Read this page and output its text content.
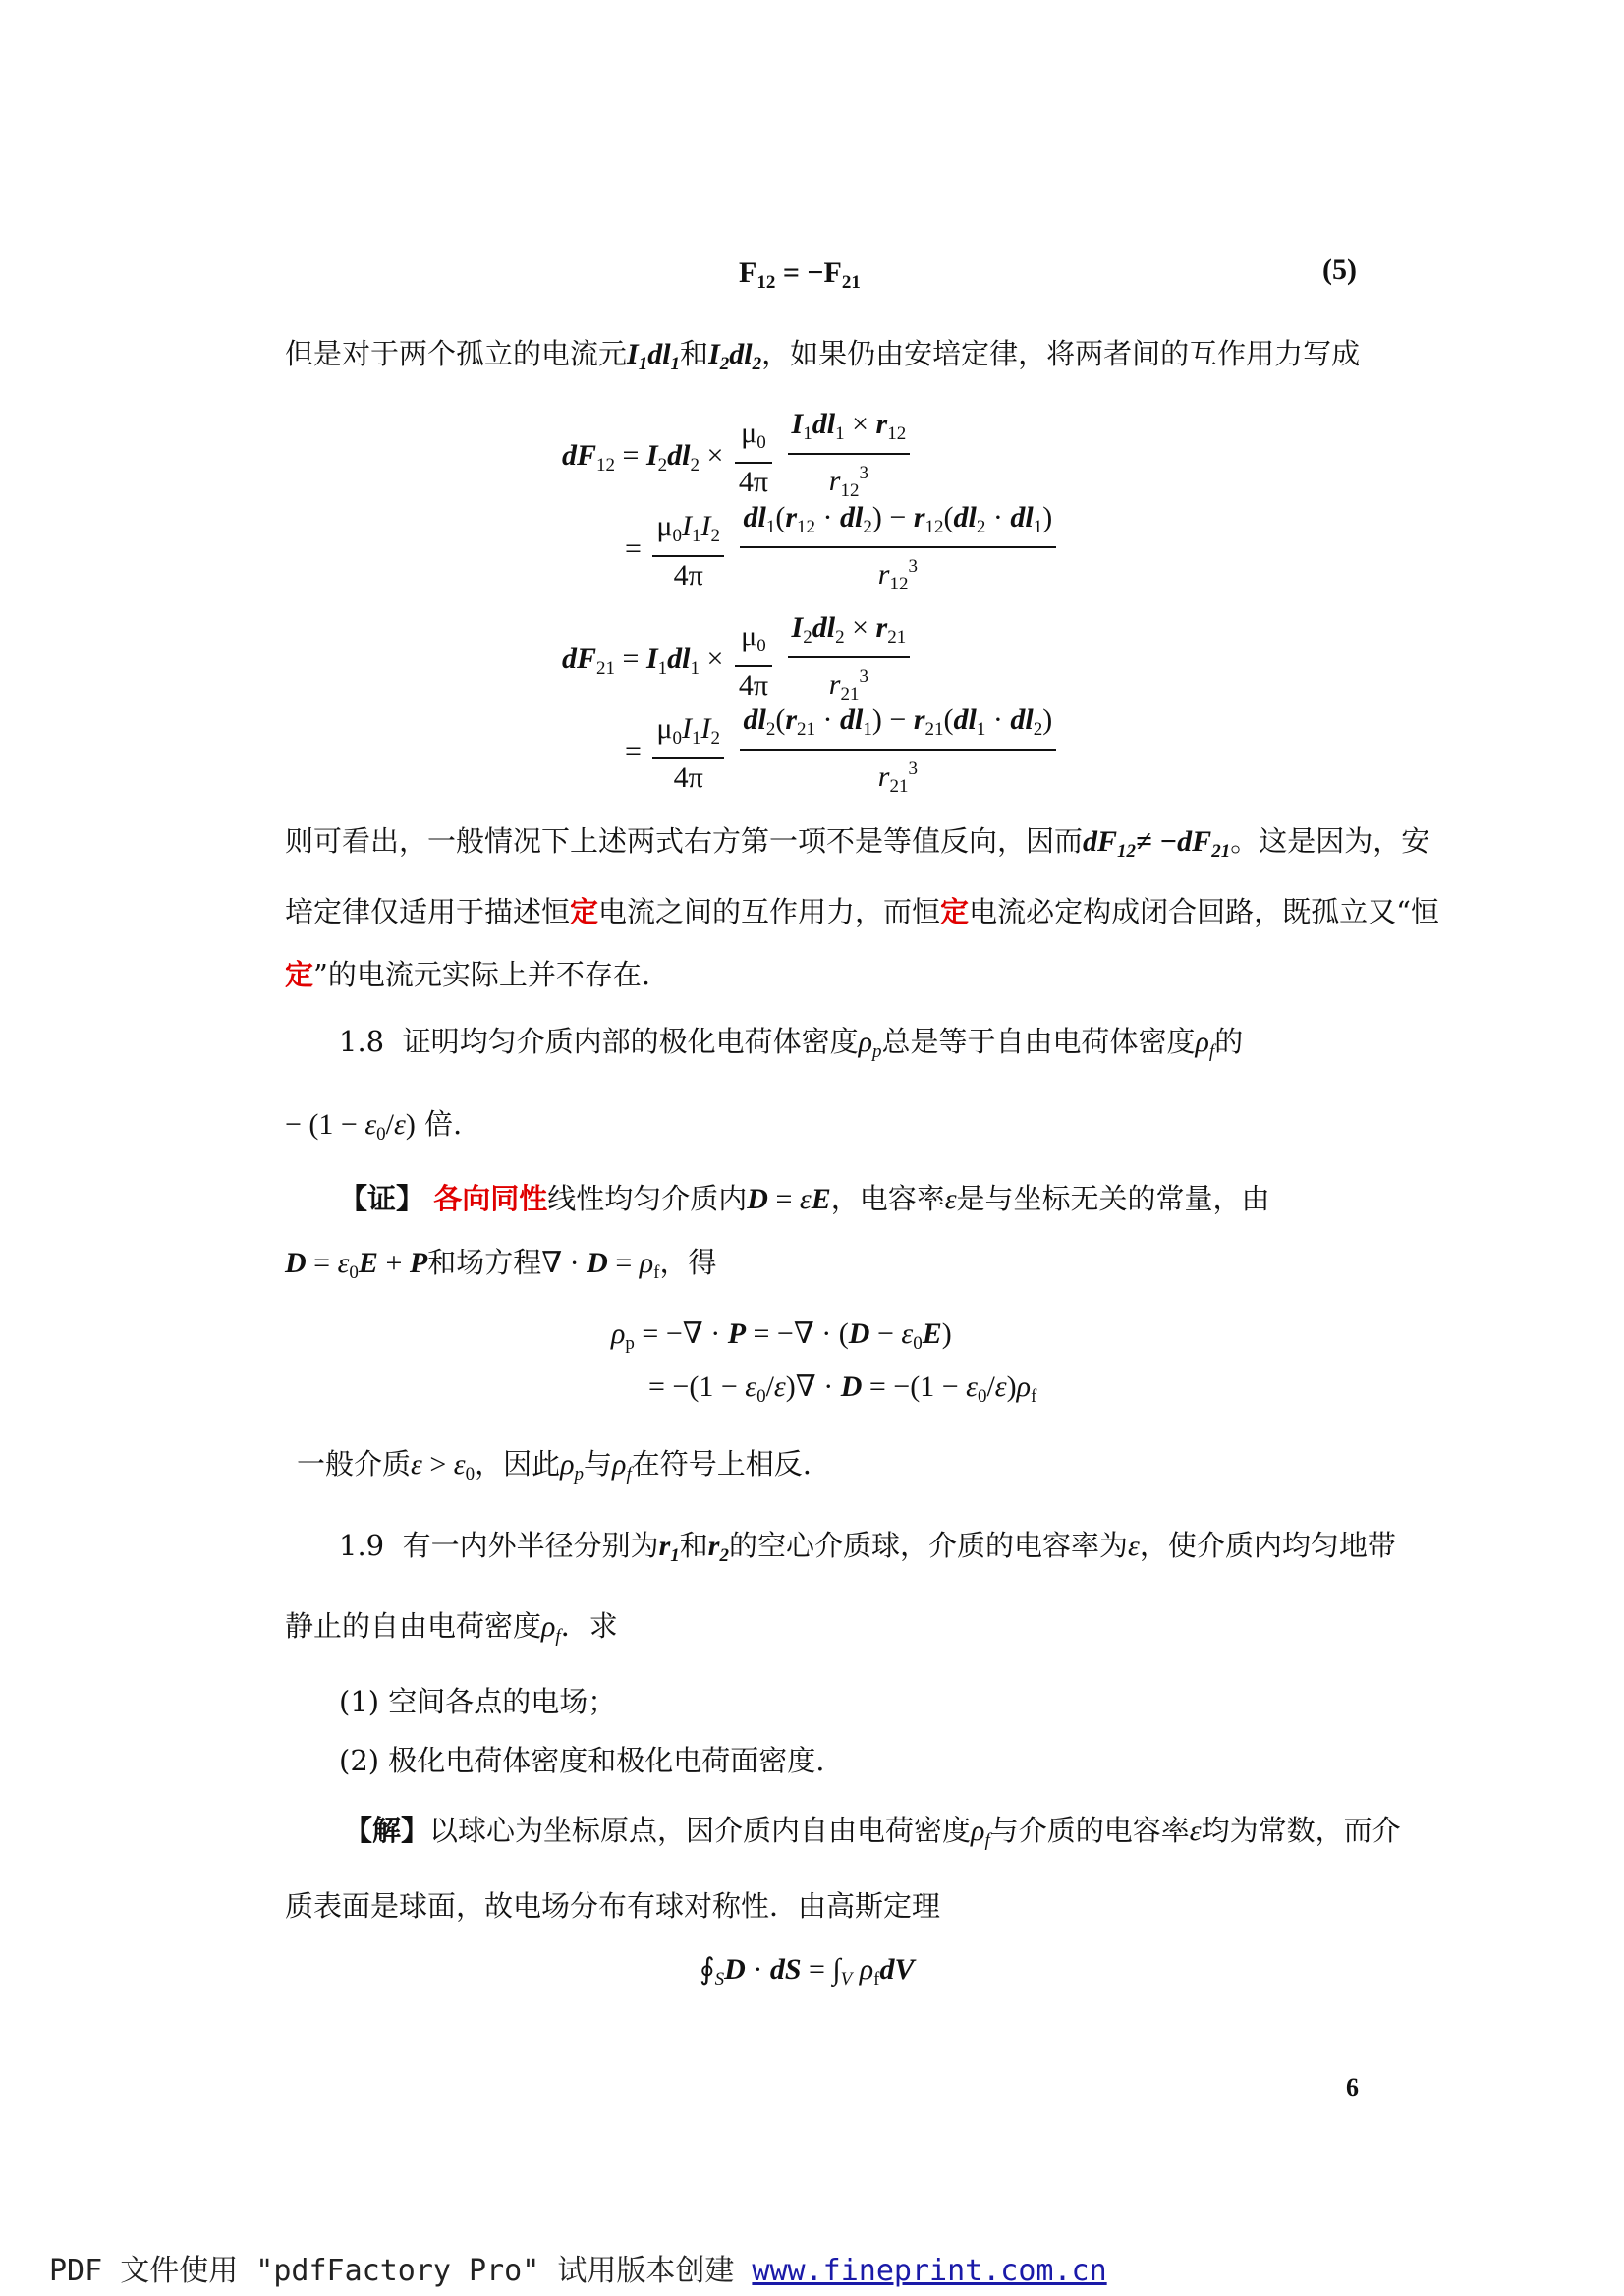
$F_{12} = -F_{21}$	(5)
但是对于两个孤立的电流元$I_1dl_1$和$I_2dl_2$，如果仍由安培定律，将两者间的互作用力写成
$dF_{12} = I_2dl_2 \times \frac{\mu_0}{4\pi}$
$\frac{I_1dl_1 \times r_{12}}{r_{12}^3}$
= $\frac{\mu_0I_1I_2}{4\pi}$
$\frac{dl_1(r_{12} \cdot dl_2) - r_{12}(dl_2 \cdot dl_1)}{r_{12}^3}$
$dF_{21} = I_1dl_1 \times \frac{\mu_0}{4\pi}$
$\frac{I_2dl_2 \times r_{21}}{r_{21}^3}$
= $\frac{\mu_0I_1I_2}{4\pi}$
$\frac{dl_2(r_{21} \cdot dl_1) - r_{21}(dl_1 \cdot dl_2)}{r_{21}^3}$
则可看出，一般情况下上述两式右方第一项不是等值反向，因而$dF_{12}\ne -dF_{21}$。这是因为，安
培定律仅适用于描述恒定电流之间的互作用力，而恒定电流必定构成闭合回路，既孤立又“恒
定”的电流元实际上并不存在.
1.8 证明均匀介质内部的极化电荷体密度$\rho_p$总是等于自由电荷体密度$\rho_f$的
− $(1 - \varepsilon_0/\varepsilon)$ 倍.
【证】 各向同性线性均匀介质内D = εE，电容率ε是与坐标无关的常量，由
$D = \varepsilon_0E + P$和场方程∇ · $D = \rho_f$，得
$\rho_p$ = −∇ · P = −∇ · $(D - \varepsilon_0E)$
= $-(1 - \varepsilon_0/\varepsilon)\nabla \cdot D = -(1 - \varepsilon_0/\varepsilon)\rho_f$
一般介质$\varepsilon > \varepsilon_0$，因此$\rho_p$与$\rho_f$在符号上相反.
1.9 有一内外半径分别为$r_1$和$r_2$的空心介质球，介质的电容率为ε，使介质内均匀地带
静止的自由电荷密度$\rho_f$．求
(1) 空间各点的电场；
(2) 极化电荷体密度和极化电荷面密度.
【解】以球心为坐标原点，因介质内自由电荷密度$\rho_f$与介质的电容率ε均为常数，而介
质表面是球面，故电场分布有球对称性．由高斯定理
$∮_SD$ · dS = $\int_V$ $\rho_fdV$
6
PDF 文件使用 "pdfFactory Pro" 试用版本创建 www.fineprint.com.cn
